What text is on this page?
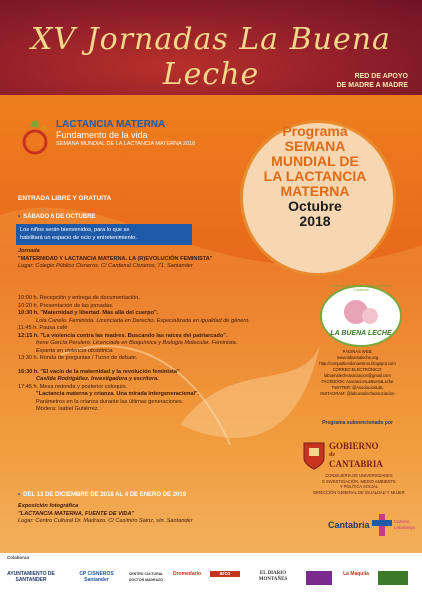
XV Jornadas La Buena Leche	RED DE APOYO
DE MADRE A MADRE
LACTANCIA MATERNA
Fundamento de la vida
SEMANA MUNDIAL DE LA LACTANCIA MATERNA 2018
ENTRADA LIBRE Y GRATUITA
• SÁBADO 6 DE OCTUBRE
Los niños serán bienvenidos, para lo que se
habilitará un espacio de ocio y entretenimiento.
Jornada
"MATERNIDAD Y LACTANCIA MATERNA. LA (R)EVOLUCIÓN FEMINISTA"
Lugar: Colegio Público Cisneros. C/ Cardenal Cisneros, 71. Santander
10:00 h. Recepción y entrega de documentación.
10:20 h. Presentación de las jornadas.
10:30 h. "Maternidad y libertad. Más allá del cuerpo".
Lola Canelo. Feminista. Licenciada en Derecho. Especializada en igualdad de género.
11:45 h. Pausa café
12:15 h. "La violencia contra las madres. Buscando las raíces del patriarcado".
Irene García Perulero. Licenciada en Bioquímica y Biología Molecular. Feminista.
Experta en violencia obstétrica.
13:30 h. Ronda de preguntas / Turno de debate.
16:30 h. "El vacío de la maternidad y la revolución feminista"
Casilda Rodrigáñez. Investigadora y escritora.
17:45 h. Mesa redonda y posterior coloquio.
"Lactancia materna y crianza. Una mirada intergeneracional".
Parámetros en la crianza durante las últimas generaciones.
Modera: Isabel Gutiérrez.
• DEL 13 DE DICIEMBRE DE 2018 AL 4 DE ENERO DE 2019
Exposición fotográfica
"LACTANCIA MATERNA, FUENTE DE VIDA"
Lugar: Centro Cultural Dr. Madrazo. C/ Casimiro Sainz, s/n. Santander
Programa
SEMANA
MUNDIAL DE
LA LACTANCIA
MATERNA
Octubre
2018
Grupo de Apoyo a la Lactancia Materna Cantabria
LA BUENA LECHE
PÁGINAS WEB:
www.labuenaleche.org
http://compartiendonuestros.blogspot.com
CORREO ELECTRÓNICO:
labuenalecheasociacion@gmail.com
FACEBOOK: AsociacionLaBuenaLeche
TWITTER: @AsociacionLBL
INSTAGRAM: @labuenalecheasociacion
Programa subvencionado por
GOBIERNO
de
CANTABRIA
CONSEJERÍA DE UNIVERSIDADES
E INVESTIGACIÓN, MEDIO AMBIENTE
Y POLÍTICA SOCIAL
DIRECCIÓN GENERAL DE IGUALDAD Y MUJER
Cantabria	Camino
Lebaniego
Colaboran
AYUNTAMIENTO DE SANTANDER
CP CISNEROS Santander
CENTRO CULTURAL DOCTOR MADRAZO
Dromedario	arco	EL DIARIO MONTAÑÉS
La Maquila
